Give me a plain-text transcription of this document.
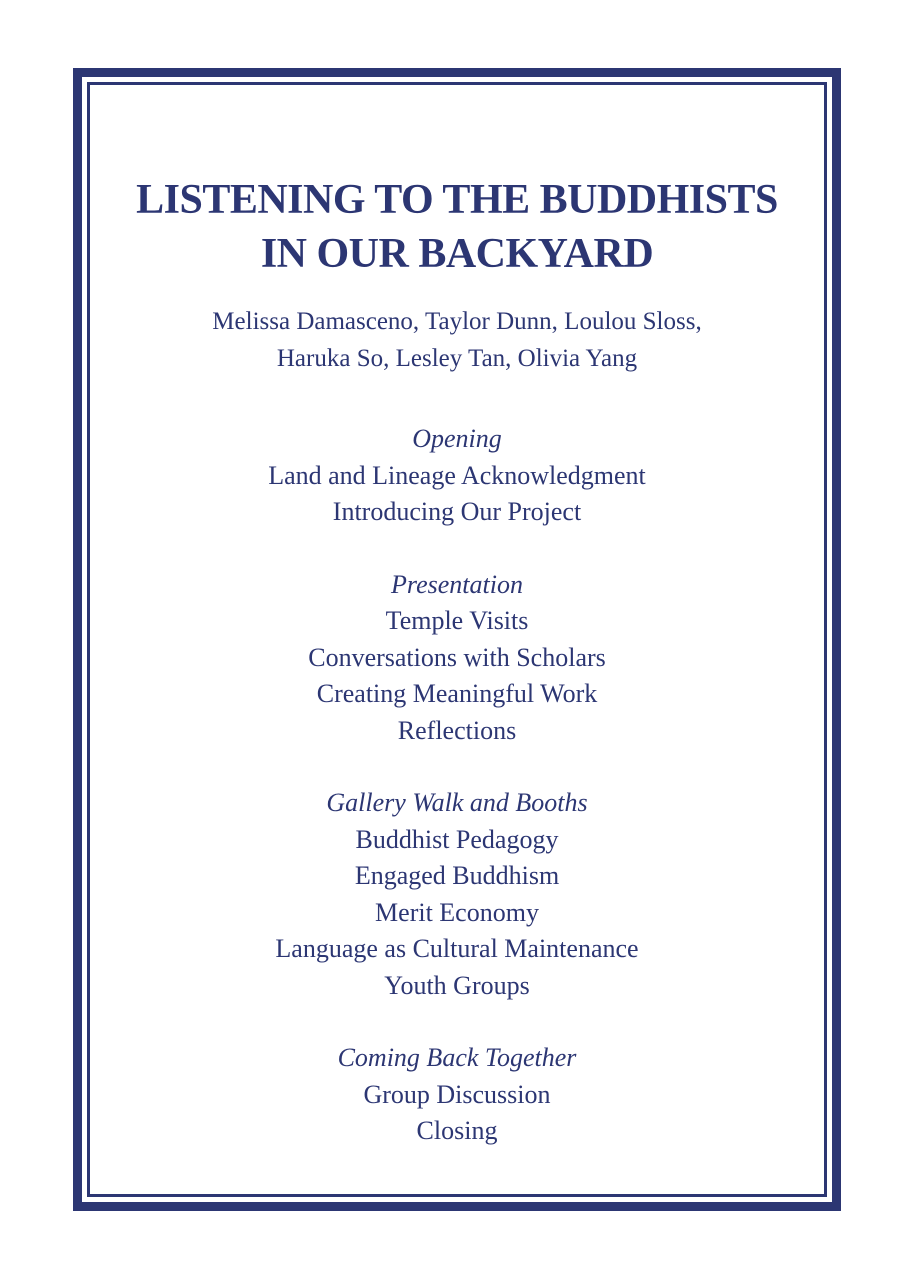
LISTENING TO THE BUDDHISTS
IN OUR BACKYARD
Melissa Damasceno, Taylor Dunn, Loulou Sloss,
Haruka So, Lesley Tan, Olivia Yang
Opening
Land and Lineage Acknowledgment
Introducing Our Project
Presentation
Temple Visits
Conversations with Scholars
Creating Meaningful Work
Reflections
Gallery Walk and Booths
Buddhist Pedagogy
Engaged Buddhism
Merit Economy
Language as Cultural Maintenance
Youth Groups
Coming Back Together
Group Discussion
Closing
